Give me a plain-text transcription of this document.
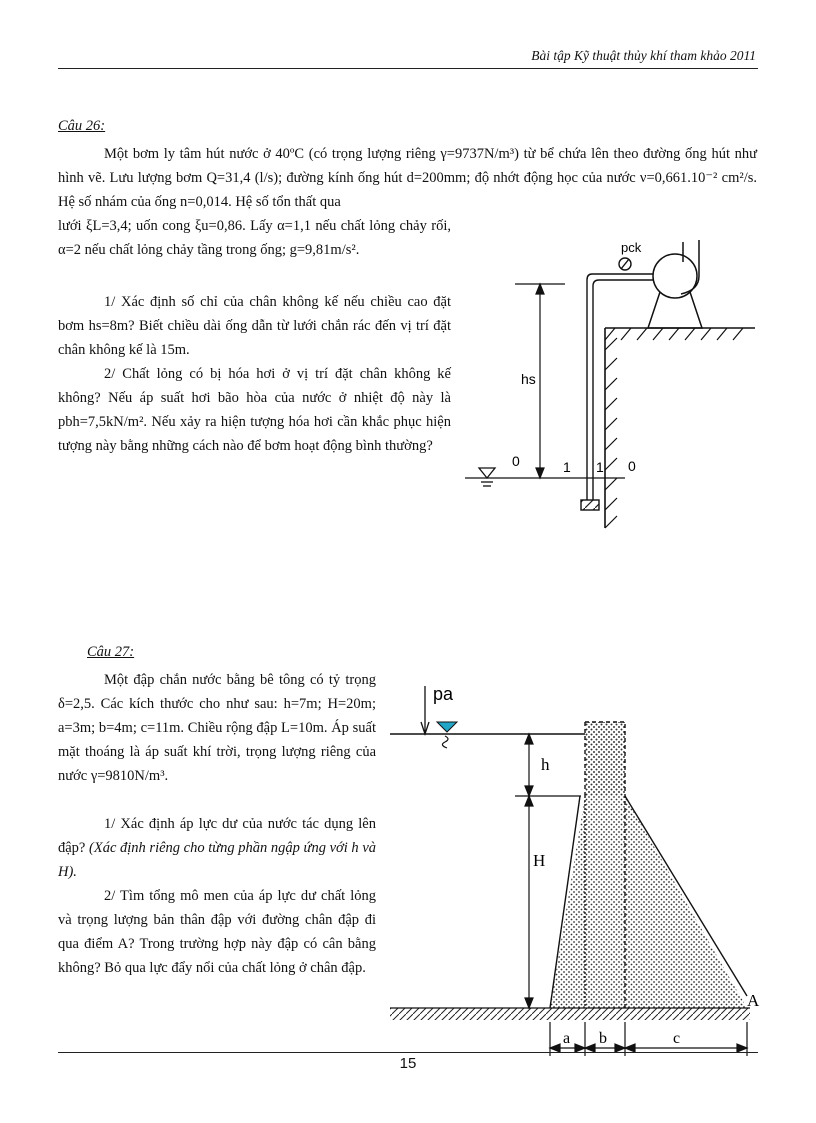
Bài tập Kỹ thuật thủy khí tham khảo 2011
Câu 26:

Một bơm ly tâm hút nước ở 40ºC (có trọng lượng riêng γ=9737N/m³) từ bể chứa lên theo đường ống hút như hình vẽ. Lưu lượng bơm Q=31,4 (l/s); đường kính ống hút d=200mm; độ nhớt động học của nước ν=0,661.10⁻² cm²/s. Hệ số nhám của ống n=0,014. Hệ số tổn thất qua

lưới ξL=3,4; uốn cong ξu=0,86. Lấy α=1,1 nếu chất lỏng chảy rối, α=2 nếu chất lỏng chảy tầng trong ống; g=9,81m/s².

1/ Xác định số chỉ của chân không kế nếu chiều cao đặt bơm hs=8m? Biết chiều dài ống dẫn từ lưới chắn rác đến vị trí đặt chân không kế là 15m.

2/ Chất lỏng có bị hóa hơi ở vị trí đặt chân không kế không? Nếu áp suất hơi bão hòa của nước ở nhiệt độ này là pbh=7,5kN/m². Nếu xảy ra hiện tượng hóa hơi cần khắc phục hiện tượng này bằng những cách nào để bơm hoạt động bình thường?

pck
hs
0	1 1 0
Câu 27:

Một đập chắn nước bằng bê tông có tỷ trọng δ=2,5. Các kích thước cho như sau: h=7m; H=20m; a=3m; b=4m; c=11m. Chiều rộng đập L=10m. Áp suất mặt thoáng là áp suất khí trời, trọng lượng riêng của nước γ=9810N/m³.

1/ Xác định áp lực dư của nước tác dụng lên đập? (Xác định riêng cho từng phần ngập ứng với h và H).

2/ Tìm tổng mô men của áp lực dư chất lỏng và trọng lượng bản thân đập với đường chân đập đi qua điểm A? Trong trường hợp này đập có cân bằng không? Bỏ qua lực đẩy nổi của chất lỏng ở chân đập.

pa
h
H
a b	c
A
15
